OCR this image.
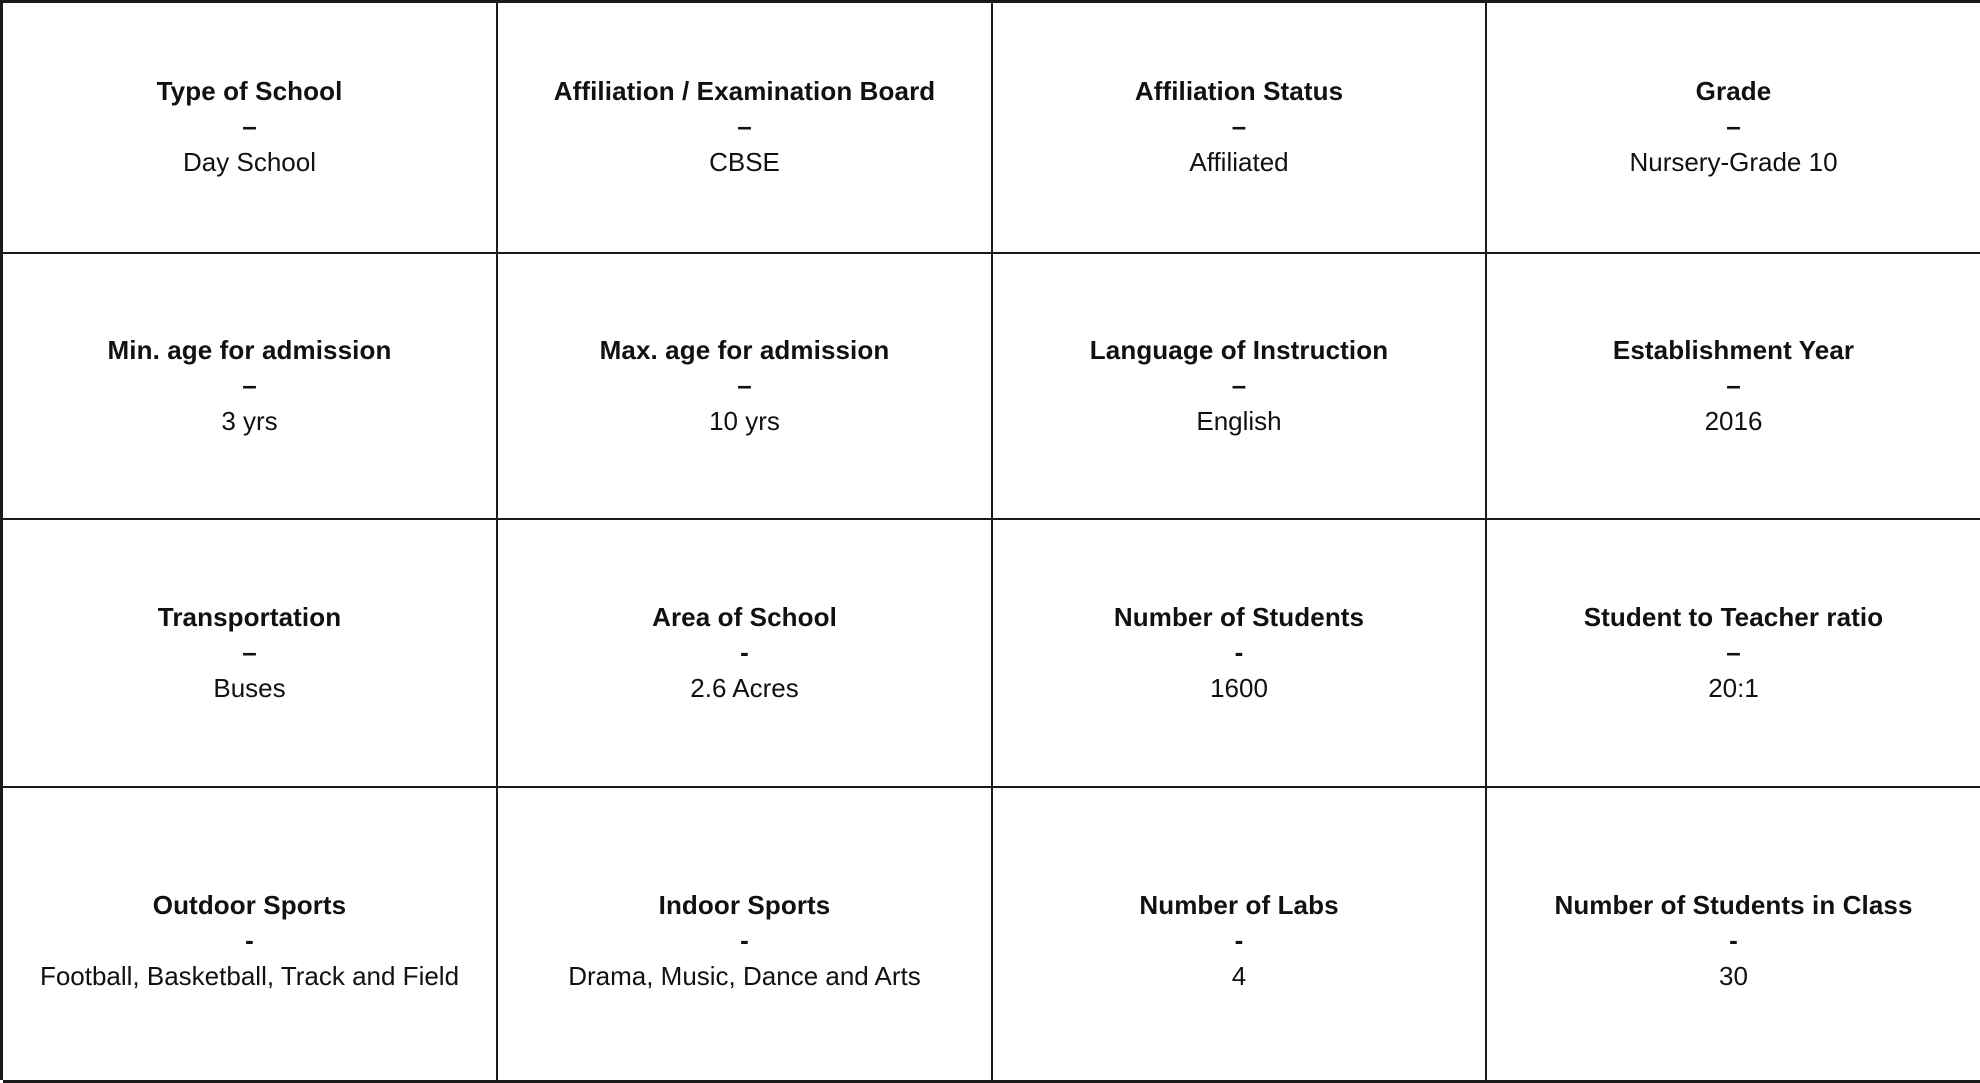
Type of School
–
Day School
Affiliation / Examination Board
–
CBSE
Affiliation Status
–
Affiliated
Grade
–
Nursery-Grade 10
Min. age for admission
–
3 yrs
Max. age for admission
–
10 yrs
Language of Instruction
–
English
Establishment Year
–
2016
Transportation
–
Buses
Area of School
-
2.6 Acres
Number of Students
-
1600
Student to Teacher ratio
–
20:1
Outdoor Sports
-
Football, Basketball, Track and Field
Indoor Sports
-
Drama, Music, Dance and Arts
Number of Labs
-
4
Number of Students in Class
-
30
